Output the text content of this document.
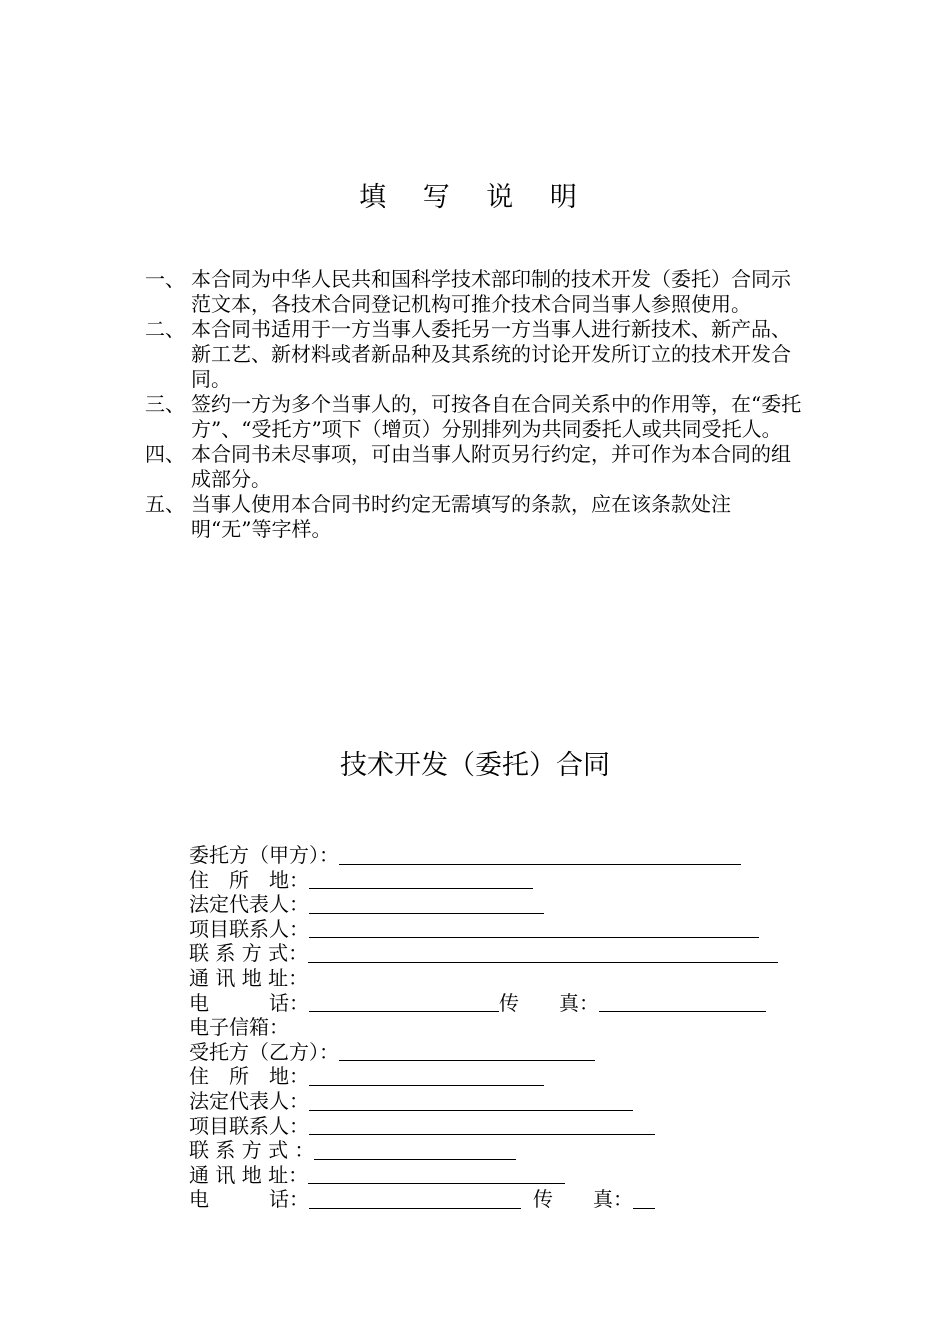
填 写 说 明
一、 本合同为中华人民共和国科学技术部印制的技术开发（委托）合同示范文本，各技术合同登记机构可推介技术合同当事人参照使用。
二、 本合同书适用于一方当事人委托另一方当事人进行新技术、新产品、新工艺、新材料或者新品种及其系统的讨论开发所订立的技术开发合同。
三、 签约一方为多个当事人的，可按各自在合同关系中的作用等，在“委托方”、“受托方”项下（增页）分别排列为共同委托人或共同受托人。
四、 本合同书未尽事项，可由当事人附页另行约定，并可作为本合同的组成部分。
五、 当事人使用本合同书时约定无需填写的条款，应在该条款处注明“无”等字样。
技术开发（委托）合同
委托方（甲方）：
住　所　地：
法定代表人：
项目联系人：
联 系 方 式：
通 讯 地 址：
电　　　话：	传　　真：
电子信箱：
受托方（乙方）：
住　所　地：
法定代表人：
项目联系人：
联 系 方 式 ：
通 讯 地 址：
电　　　话：	传　　真：
